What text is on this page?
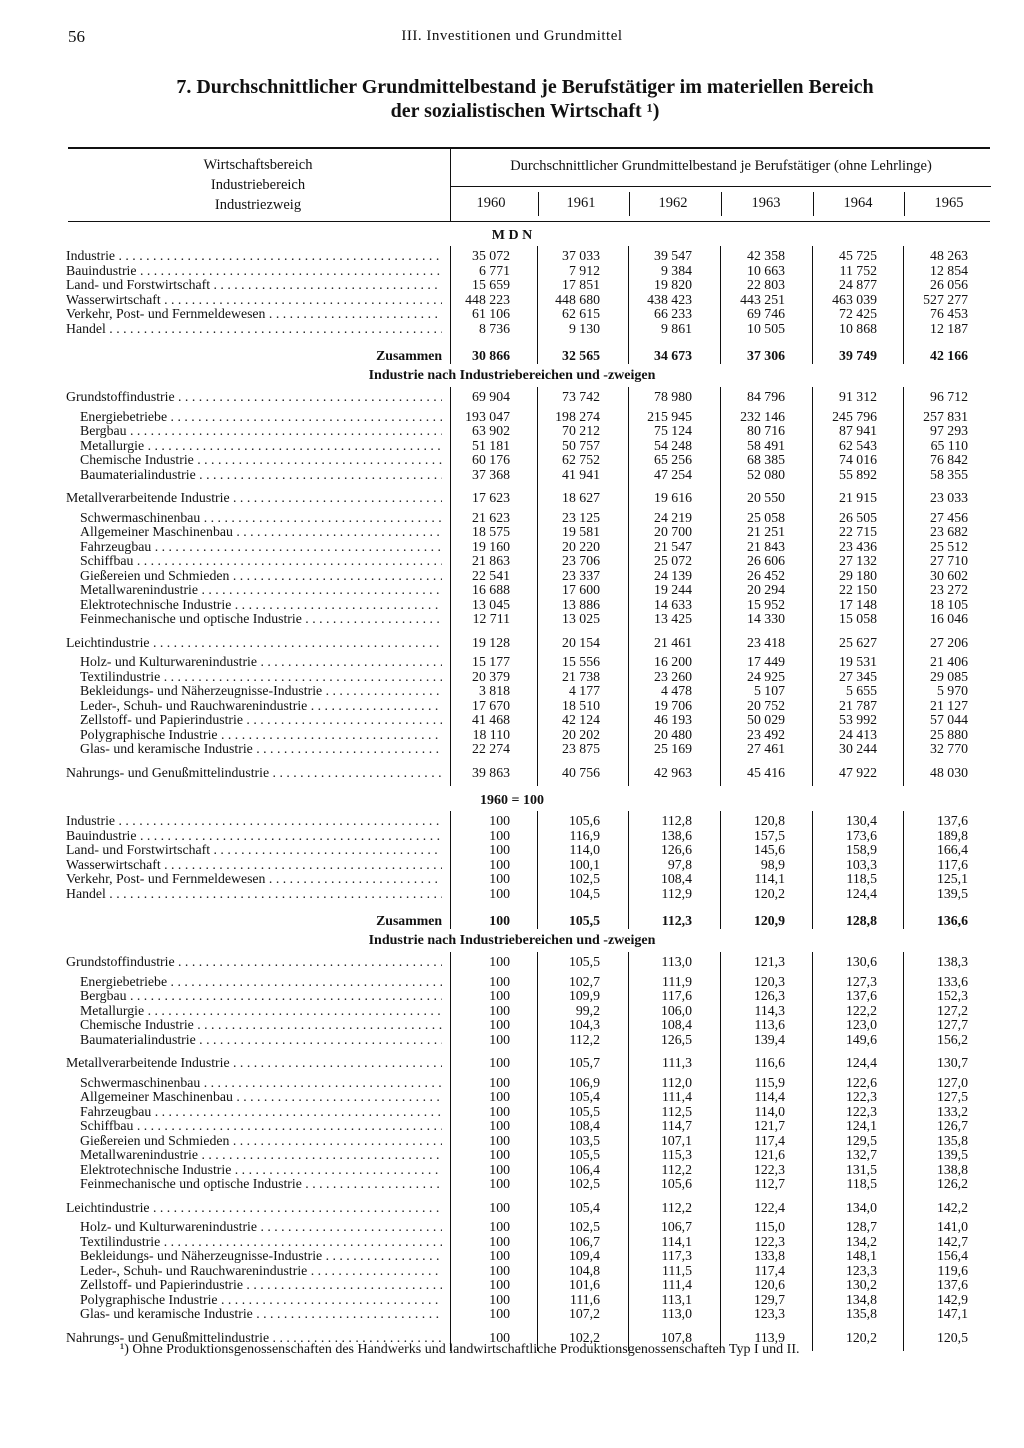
56	III. Investitionen und Grundmittel
7. Durchschnittlicher Grundmittelbestand je Berufstätiger im materiellen Bereich
der sozialistischen Wirtschaft ¹)
Wirtschaftsbereich
Industriebereich
Industriezweig
Durchschnittlicher Grundmittelbestand je Berufstätiger (ohne Lehrlinge)
1960	1961	1962	1963	1964	1965
M D N
Industrie . . .	35 072	37 033	39 547	42 358	45 725	48 263
Bauindustrie . . .	6 771	7 912	9 384	10 663	11 752	12 854
Land- und Forstwirtschaft . . .	15 659	17 851	19 820	22 803	24 877	26 056
Wasserwirtschaft . . .	448 223	448 680	438 423	443 251	463 039	527 277
Verkehr, Post- und Fernmeldewesen . . .	61 106	62 615	66 233	69 746	72 425	76 453
Handel . . .	8 736	9 130	9 861	10 505	10 868	12 187
Zusammen	30 866	32 565	34 673	37 306	39 749	42 166
Industrie nach Industriebereichen und -zweigen
Grundstoffindustrie . . .	69 904	73 742	78 980	84 796	91 312	96 712
Energiebetriebe . . .	193 047	198 274	215 945	232 146	245 796	257 831
Bergbau . . .	63 902	70 212	75 124	80 716	87 941	97 293
Metallurgie . . .	51 181	50 757	54 248	58 491	62 543	65 110
Chemische Industrie . . .	60 176	62 752	65 256	68 385	74 016	76 842
Baumaterialindustrie . . .	37 368	41 941	47 254	52 080	55 892	58 355
Metallverarbeitende Industrie . . .	17 623	18 627	19 616	20 550	21 915	23 033
Schwermaschinenbau . . .	21 623	23 125	24 219	25 058	26 505	27 456
Allgemeiner Maschinenbau . . .	18 575	19 581	20 700	21 251	22 715	23 682
Fahrzeugbau . . .	19 160	20 220	21 547	21 843	23 436	25 512
Schiffbau . . .	21 863	23 706	25 072	26 606	27 132	27 710
Gießereien und Schmieden . . .	22 541	23 337	24 139	26 452	29 180	30 602
Metallwarenindustrie . . .	16 688	17 600	19 244	20 294	22 150	23 272
Elektrotechnische Industrie . . .	13 045	13 886	14 633	15 952	17 148	18 105
Feinmechanische und optische Industrie . . .	12 711	13 025	13 425	14 330	15 058	16 046
Leichtindustrie . . .	19 128	20 154	21 461	23 418	25 627	27 206
Holz- und Kulturwarenindustrie . . .	15 177	15 556	16 200	17 449	19 531	21 406
Textilindustrie . . .	20 379	21 738	23 260	24 925	27 345	29 085
Bekleidungs- und Näherzeugnisse-Industrie . . .	3 818	4 177	4 478	5 107	5 655	5 970
Leder-, Schuh- und Rauchwarenindustrie . . .	17 670	18 510	19 706	20 752	21 787	21 127
Zellstoff- und Papierindustrie . . .	41 468	42 124	46 193	50 029	53 992	57 044
Polygraphische Industrie . . .	18 110	20 202	20 480	23 492	24 413	25 880
Glas- und keramische Industrie . . .	22 274	23 875	25 169	27 461	30 244	32 770
Nahrungs- und Genußmittelindustrie . . .	39 863	40 756	42 963	45 416	47 922	48 030
1960 = 100
Industrie . . .	100	105,6	112,8	120,8	130,4	137,6
Bauindustrie . . .	100	116,9	138,6	157,5	173,6	189,8
Land- und Forstwirtschaft . . .	100	114,0	126,6	145,6	158,9	166,4
Wasserwirtschaft . . .	100	100,1	97,8	98,9	103,3	117,6
Verkehr, Post- und Fernmeldewesen . . .	100	102,5	108,4	114,1	118,5	125,1
Handel . . .	100	104,5	112,9	120,2	124,4	139,5
Zusammen	100	105,5	112,3	120,9	128,8	136,6
Industrie nach Industriebereichen und -zweigen
Grundstoffindustrie . . .	100	105,5	113,0	121,3	130,6	138,3
Energiebetriebe . . .	100	102,7	111,9	120,3	127,3	133,6
Bergbau . . .	100	109,9	117,6	126,3	137,6	152,3
Metallurgie . . .	100	99,2	106,0	114,3	122,2	127,2
Chemische Industrie . . .	100	104,3	108,4	113,6	123,0	127,7
Baumaterialindustrie . . .	100	112,2	126,5	139,4	149,6	156,2
Metallverarbeitende Industrie . . .	100	105,7	111,3	116,6	124,4	130,7
Schwermaschinenbau . . .	100	106,9	112,0	115,9	122,6	127,0
Allgemeiner Maschinenbau . . .	100	105,4	111,4	114,4	122,3	127,5
Fahrzeugbau . . .	100	105,5	112,5	114,0	122,3	133,2
Schiffbau . . .	100	108,4	114,7	121,7	124,1	126,7
Gießereien und Schmieden . . .	100	103,5	107,1	117,4	129,5	135,8
Metallwarenindustrie . . .	100	105,5	115,3	121,6	132,7	139,5
Elektrotechnische Industrie . . .	100	106,4	112,2	122,3	131,5	138,8
Feinmechanische und optische Industrie . . .	100	102,5	105,6	112,7	118,5	126,2
Leichtindustrie . . .	100	105,4	112,2	122,4	134,0	142,2
Holz- und Kulturwarenindustrie . . .	100	102,5	106,7	115,0	128,7	141,0
Textilindustrie . . .	100	106,7	114,1	122,3	134,2	142,7
Bekleidungs- und Näherzeugnisse-Industrie . . .	100	109,4	117,3	133,8	148,1	156,4
Leder-, Schuh- und Rauchwarenindustrie . . .	100	104,8	111,5	117,4	123,3	119,6
Zellstoff- und Papierindustrie . . .	100	101,6	111,4	120,6	130,2	137,6
Polygraphische Industrie . . .	100	111,6	113,1	129,7	134,8	142,9
Glas- und keramische Industrie . . .	100	107,2	113,0	123,3	135,8	147,1
Nahrungs- und Genußmittelindustrie . . .	100	102,2	107,8	113,9	120,2	120,5
¹) Ohne Produktionsgenossenschaften des Handwerks und landwirtschaftliche Produktionsgenossenschaften Typ I und II.
